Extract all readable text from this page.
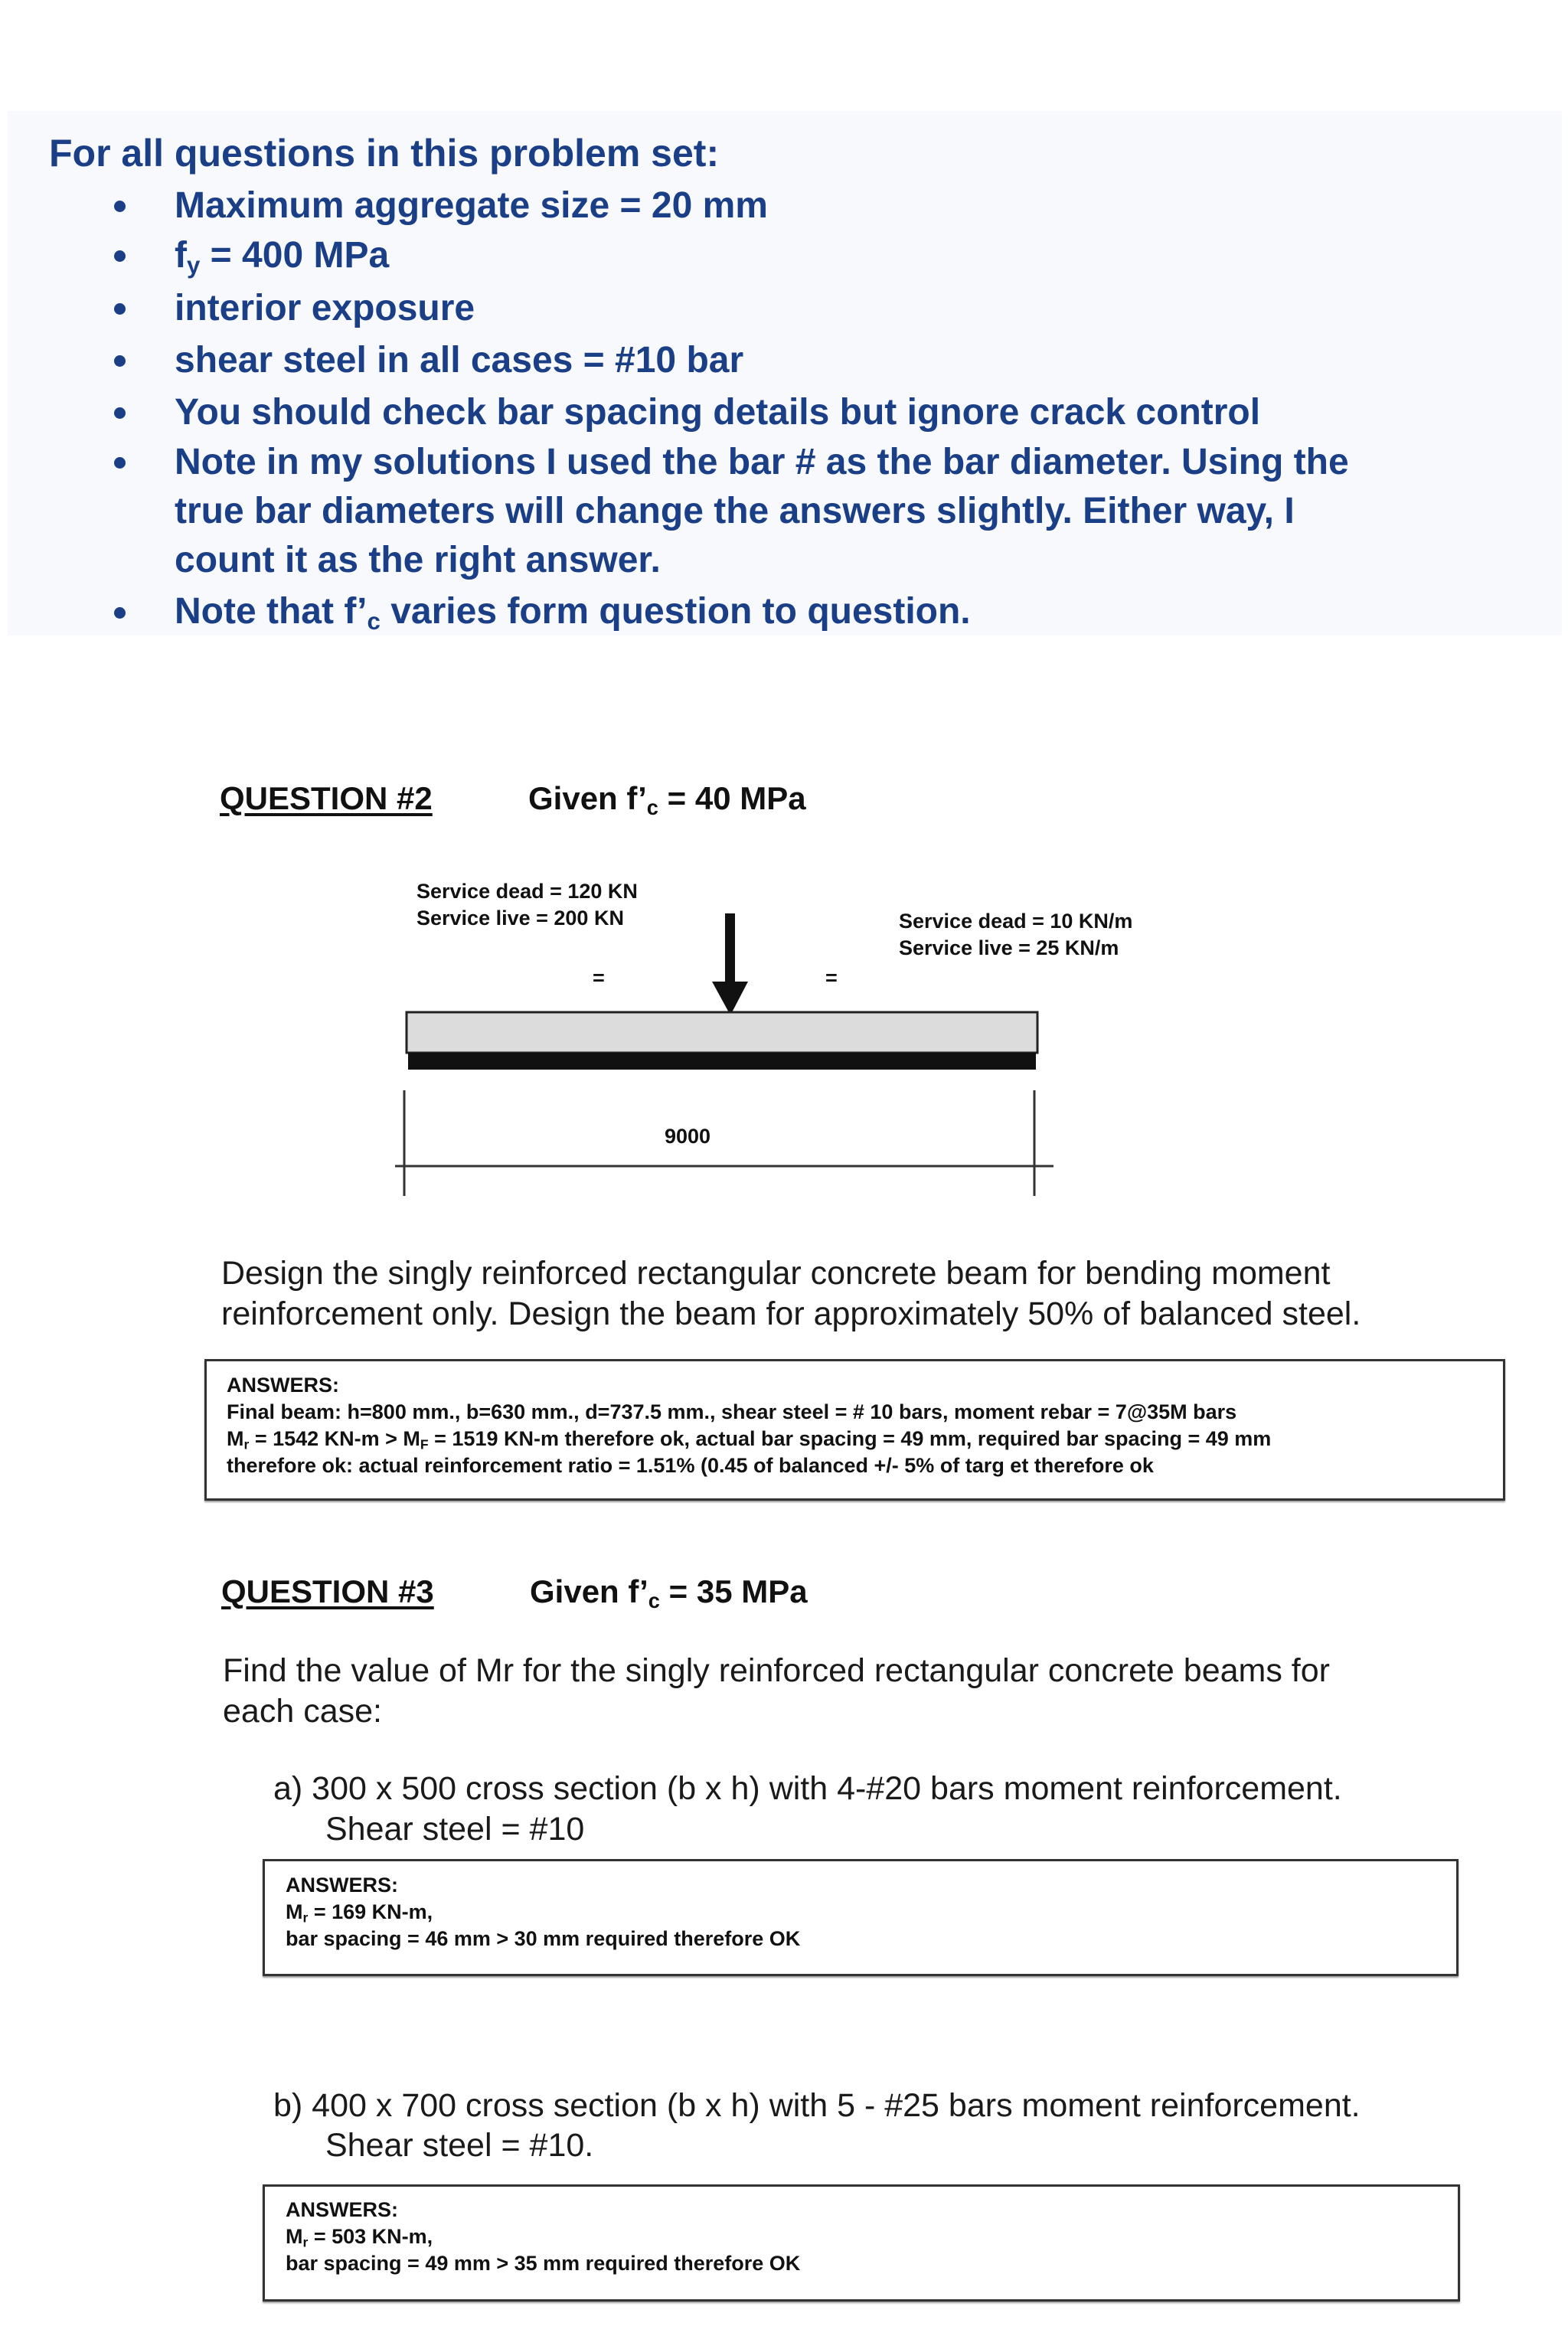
For all questions in this problem set:
Maximum aggregate size = 20 mm
$f_y = 400$ MPa
interior exposure
shear steel in all cases = #10 bar
You should check bar spacing details but ignore crack control
Note in my solutions I used the bar # as the bar diameter. Using the
true bar diameters will change the answers slightly. Either way, I
count it as the right answer.
Note that $f’_c$ varies form question to question.
QUESTION #2	Given $f’_c = 40$ MPa
Service dead = 120 KN
Service live = 200 KN	Service dead = 10 KN/m
Service live = 25 KN/m
=	=
9000
Design the singly reinforced rectangular concrete beam for bending moment
reinforcement only. Design the beam for approximately 50% of balanced steel.
ANSWERS:
Final beam: h=800 mm., b=630 mm., d=737.5 mm., shear steel = # 10 bars, moment rebar = 7@35M bars
$M_r = 1542$ $KN-m > M_F = 1519$ KN-m therefore ok, actual bar spacing = 49 mm, required bar spacing = 49 mm
therefore ok: actual reinforcement ratio = 1.51% (0.45 of balanced +/- 5% of targ et therefore ok
QUESTION #3	Given $f’_c = 35$ MPa
Find the value of Mr for the singly reinforced rectangular concrete beams for
each case:
a) 300 x 500 cross section (b x h) with 4-#20 bars moment reinforcement.
Shear steel = #10
ANSWERS:
$M_r = 169$ KN-m,
bar spacing = 46 mm > 30 mm required therefore OK
b) 400 x 700 cross section (b x h) with 5 - #25 bars moment reinforcement.
Shear steel = #10.
ANSWERS:
$M_r = 503$ KN-m,
bar spacing = 49 mm > 35 mm required therefore OK
